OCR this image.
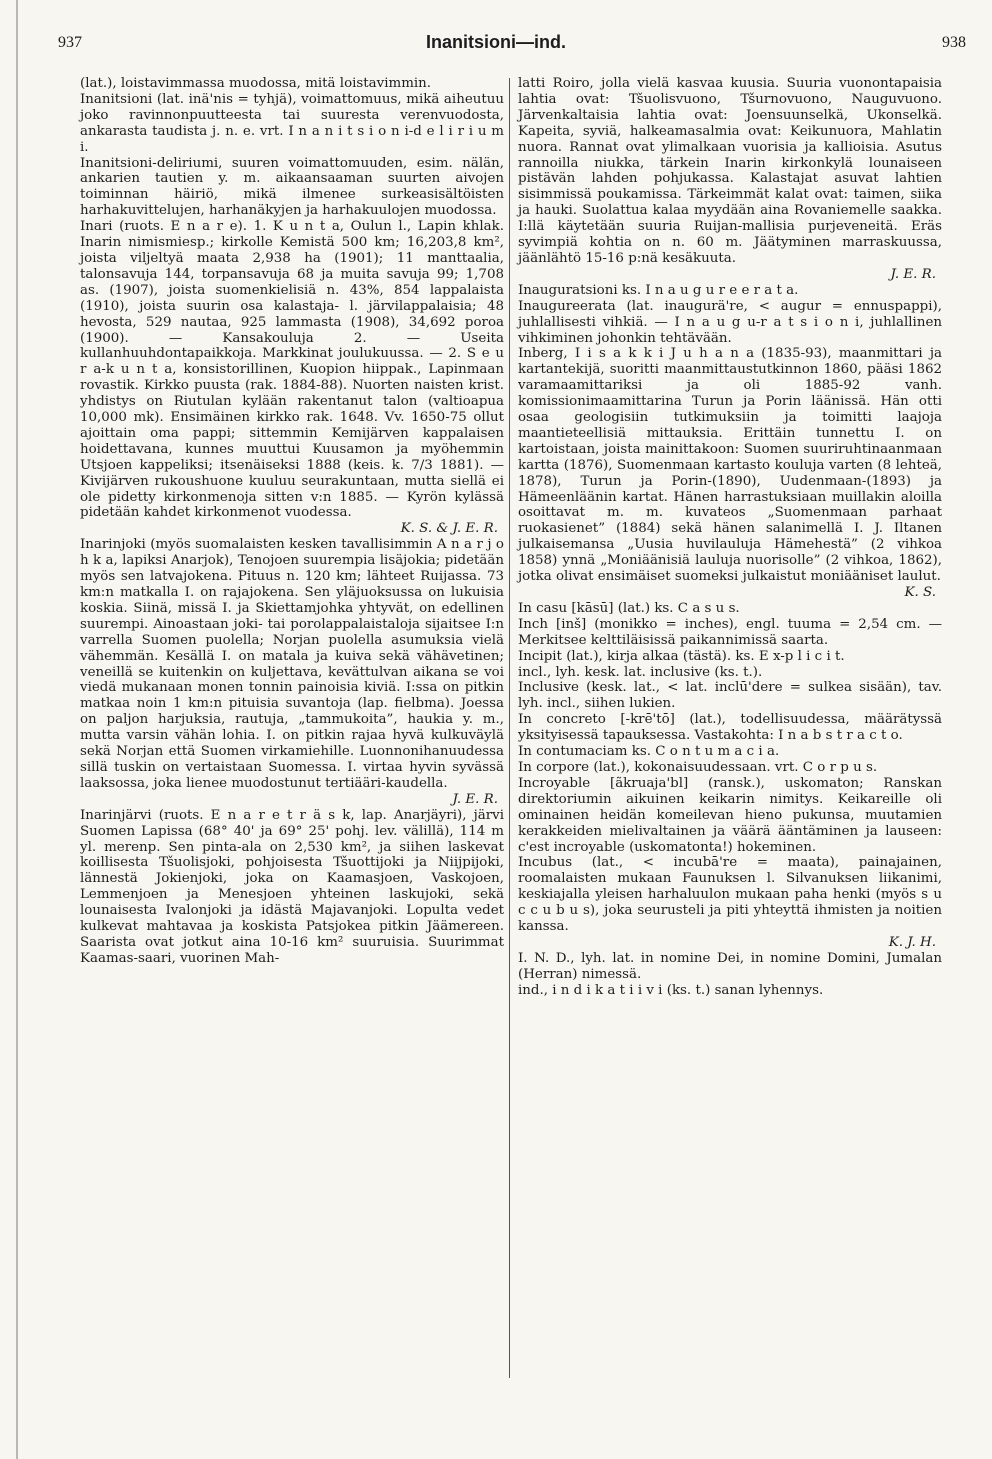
937	Inanitsioni—ind.	938

(lat.), loistavimmassa muodossa, mitä loistavimmin.

Inanitsioni (lat. inä'nis = tyhjä), voimattomuus, mikä aiheutuu joko ravinnonpuutteesta tai suuresta verenvuodosta, ankarasta taudista j. n. e. vrt. I n a n i t s i o n i-d e l i r i u m i.

Inanitsioni-deliriumi, suuren voimattomuuden, esim. nälän, ankarien tautien y. m. aikaansaaman suurten aivojen toiminnan häiriö, mikä ilmenee surkeasisältöisten harhakuvittelujen, harhanäkyjen ja harhakuulojen muodossa.

Inari (ruots. E n a r e). 1. K u n t a, Oulun l., Lapin khlak. Inarin nimismiesp.; kirkolle Kemistä 500 km; 16,203,8 km², joista viljeltyä maata 2,938 ha (1901); 11 manttaalia, talonsavuja 144, torpansavuja 68 ja muita savuja 99; 1,708 as. (1907), joista suomenkielisiä n. 43%, 854 lappalaista (1910), joista suurin osa kalastaja- l. järvilappalaisia; 48 hevosta, 529 nautaa, 925 lammasta (1908), 34,692 poroa (1900). — Kansakouluja 2. — Useita kullanhuuhdontapaikkoja. Markkinat joulukuussa. — 2. S e u r a-k u n t a, konsistorillinen, Kuopion hiippak., Lapinmaan rovastik. Kirkko puusta (rak. 1884-88). Nuorten naisten krist. yhdistys on Riutulan kylään rakentanut talon (valtioapua 10,000 mk). Ensimäinen kirkko rak. 1648. Vv. 1650-75 ollut ajoittain oma pappi; sittemmin Kemijärven kappalaisen hoidettavana, kunnes muuttui Kuusamon ja myöhemmin Utsjoen kappeliksi; itsenäiseksi 1888 (keis. k. 7/3 1881). —Kivijärven rukoushuone kuuluu seurakuntaan, mutta siellä ei ole pidetty kirkonmenoja sitten v:n 1885. — Kyrön kylässä pidetään kahdet kirkonmenot vuodessa.

K. S. & J. E. R.

Inarinjoki (myös suomalaisten kesken tavallisimmin A n a r j o h k a, lapiksi Anarjok), Tenojoen suurempia lisäjokia; pidetään myös sen latvajokena. Pituus n. 120 km; lähteet Ruijassa. 73 km:n matkalla I. on rajajokena. Sen yläjuoksussa on lukuisia koskia. Siinä, missä I. ja Skiettamjohka yhtyvät, on edellinen suurempi. Ainoastaan joki- tai porolappalaistaloja sijaitsee I:n varrella Suomen puolella; Norjan puolella asumuksia vielä vähemmän. Kesällä I. on matala ja kuiva sekä vähävetinen; veneillä se kuitenkin on kuljettava, kevättulvan aikana se voi viedä mukanaan monen tonnin painoisia kiviä. I:ssa on pitkin matkaa noin 1 km:n pituisia suvantoja (lap. fielbma). Joessa on paljon harjuksia, rautuja, „tammukoita”, haukia y. m., mutta varsin vähän lohia. I. on pitkin rajaa hyvä kulkuväylä sekä Norjan että Suomen virkamiehille. Luonnonihanuudessa sillä tuskin on vertaistaan Suomessa. I. virtaa hyvin syvässä laaksossa, joka lienee muodostunut tertiääri-kaudella.

J. E. R.

Inarinjärvi (ruots. E n a r e t r ä s k, lap. Anarjäyri), järvi Suomen Lapissa (68° 40' ja 69° 25' pohj. lev. välillä), 114 m yl. merenp. Sen pinta-ala on 2,530 km², ja siihen laskevat koillisesta Tšuolisjoki, pohjoisesta Tšuottijoki ja Niijpijoki, lännestä Jokienjoki, joka on Kaamasjoen, Vaskojoen, Lemmenjoen ja Menesjoen yhteinen laskujoki, sekä lounaisesta Ivalonjoki ja idästä Majavanjoki. Lopulta vedet kulkevat mahtavaa ja koskista Patsjokea pitkin Jäämereen. Saarista ovat jotkut aina 10-16 km² suuruisia. Suurimmat Kaamas-saari, vuorinen Mah-

latti Roiro, jolla vielä kasvaa kuusia. Suuria vuonontapaisia lahtia ovat: Tšuolisvuono, Tšurnovuono, Nauguvuono. Järvenkaltaisia lahtia ovat: Joensuunselkä, Ukonselkä. Kapeita, syviä, halkeamasalmia ovat: Keikunuora, Mahlatin nuora. Rannat ovat ylimalkaan vuorisia ja kallioisia. Asutus rannoilla niukka, tärkein Inarin kirkonkylä lounaiseen pistävän lahden pohjukassa. Kalastajat asuvat lahtien sisimmissä poukamissa. Tärkeimmät kalat ovat: taimen, siika ja hauki. Suolattua kalaa myydään aina Rovaniemelle saakka. I:llä käytetään suuria Ruijan-mallisia purjeveneitä. Eräs syvimpiä kohtia on n. 60 m. Jäätyminen marraskuussa, jäänlähtö 15-16 p:nä kesäkuuta.

J. E. R.

Inauguratsioni ks. I n a u g u r e e r a t a.

Inaugureerata (lat. inaugurä're, < augur = ennuspappi), juhlallisesti vihkiä. — I n a u g u-r a t s i o n i, juhlallinen vihkiminen johonkin tehtävään.

Inberg, I i s a k k i J u h a n a (1835-93), maanmittari ja kartantekijä, suoritti maanmittaustutkinnon 1860, pääsi 1862 varamaamittariksi ja oli 1885-92 vanh. komissionimaamittarina Turun ja Porin läänissä. Hän otti osaa geologisiin tutkimuksiin ja toimitti laajoja maantieteellisiä mittauksia. Erittäin tunnettu I. on kartoistaan, joista mainittakoon: Suomen suuriruhtinaanmaan kartta (1876), Suomenmaan kartasto koulujа varten (8 lehteä, 1878), Turun ja Porin-(1890), Uudenmaan-(1893) ja Hämeenläänin kartat. Hänen harrastuksiaan muillakin aloilla osoittavat m. m. kuvateos „Suomenmaan parhaat ruokasienet” (1884) sekä hänen salanimellä I. J. Iltanen julkaisemansa „Uusia huvilauluja Hämehestä” (2 vihkoa 1858) ynnä „Moniäänisiä lauluja nuorisolle” (2 vihkoa, 1862), jotka olivat ensimäiset suomeksi julkaistut moniääniset laulut.

K. S.

In casu [kāsū] (lat.) ks. C a s u s.

Inch [inš] (monikko = inches), engl. tuuma = 2,54 cm. — Merkitsee kelttiläisissä paikannimissä saarta.

Incipit (lat.), kirja alkaa (tästä). ks. E x-p l i c i t.

incl., lyh. kesk. lat. inclusive (ks. t.).

Inclusive (kesk. lat., < lat. inclū'dere = sulkea sisään), tav. lyh. incl., siihen lukien.

In concreto [-krē'tō] (lat.), todellisuudessa, määrätyssä yksityisessä tapauksessa. Vastakohta: I n a b s t r a c t o.

In contumaciam ks. C o n t u m a c i a.

In corpore (lat.), kokonaisuudessaan. vrt. C o r p u s.

Incroyable [ãkruaja'bl] (ransk.), uskomaton; Ranskan direktoriumin aikuinen keikarin nimitys. Keikareille oli ominainen heidän komeilevan hieno pukunsa, muutamien kerakkeiden mielivaltainen ja väärä ääntäminen ja lauseen: c'est incroyable (uskomatonta!) hokeminen.

Incubus (lat., < incubā're = maata), painajainen, roomalaisten mukaan Faunuksen l. Silvanuksen liikanimi, keskiajalla yleisen harhaluulon mukaan paha henki (myös s u c c u b u s), joka seurusteli ja piti yhteyttä ihmisten ja noitien kanssa.

K. J. H.

I. N. D., lyh. lat. in nomine Dei, in nomine Domini, Jumalan (Herran) nimessä.

ind., i n d i k a t i i v i (ks. t.) sanan lyhennys.
